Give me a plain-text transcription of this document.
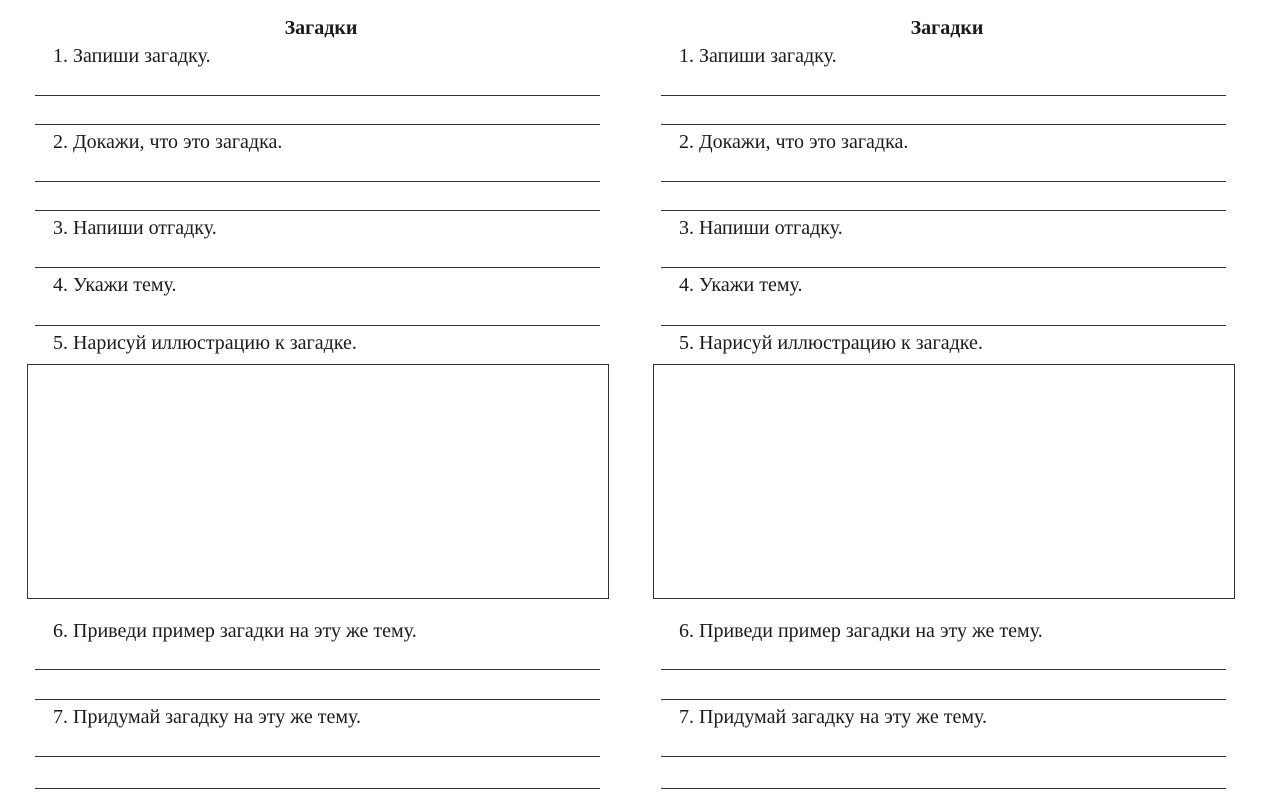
Загадки
1. Запиши загадку.
2. Докажи, что это загадка.
3. Напиши отгадку.
4. Укажи тему.
5. Нарисуй иллюстрацию к загадке.
6. Приведи пример загадки на эту же тему.
7. Придумай загадку на эту же тему.
Загадки
1. Запиши загадку.
2. Докажи, что это загадка.
3. Напиши отгадку.
4. Укажи тему.
5. Нарисуй иллюстрацию к загадке.
6. Приведи пример загадки на эту же тему.
7. Придумай загадку на эту же тему.
